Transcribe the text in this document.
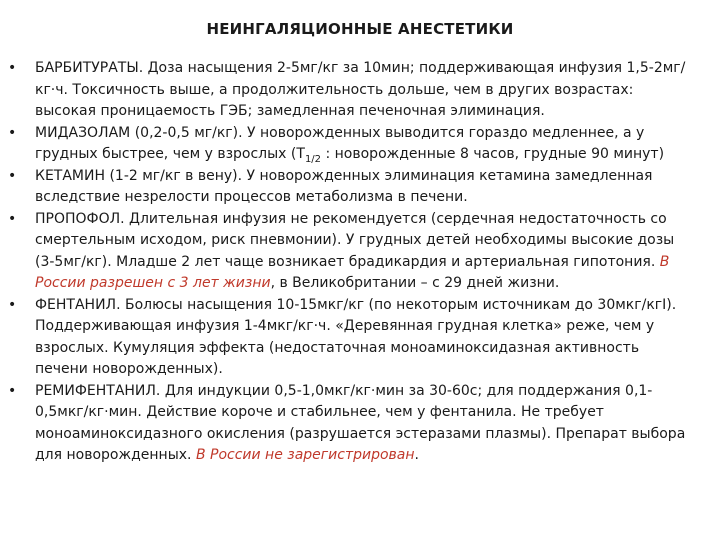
НЕИНГАЛЯЦИОННЫЕ АНЕСТЕТИКИ
• БАРБИТУРАТЫ. Доза насыщения 2-5мг/кг за 10мин; поддерживающая инфузия 1,5-2мг/кг·ч. Токсичность выше, а продолжительность дольше, чем в других возрастах: высокая проницаемость ГЭБ; замедленная печеночная элиминация.
• МИДАЗОЛАМ (0,2-0,5 мг/кг). У новорожденных выводится гораздо медленнее, а у грудных быстрее, чем у взрослых ($Т_{1/2}$ : новорожденные 8 часов, грудные 90 минут)
• КЕТАМИН (1-2 мг/кг в вену). У новорожденных элиминация кетамина замедленная вследствие незрелости процессов метаболизма в печени.
• ПРОПОФОЛ. Длительная инфузия не рекомендуется (сердечная недостаточность со смертельным исходом, риск пневмонии). У грудных детей необходимы высокие дозы (3-5мг/кг). Младше 2 лет чаще возникает брадикардия и артериальная гипотония. В России разрешен с 3 лет жизни, в Великобритании – с 29 дней жизни.
• ФЕНТАНИЛ. Болюсы насыщения 10-15мкг/кг (по некоторым источникам до 30мкг/кгI). Поддерживающая инфузия 1-4мкг/кг·ч. «Деревянная грудная клетка» реже, чем у взрослых. Кумуляция эффекта (недостаточная моноаминоксидазная активность печени новорожденных).
• РЕМИФЕНТАНИЛ. Для индукции 0,5-1,0мкг/кг·мин за 30-60с; для поддержания 0,1-0,5мкг/кг·мин. Действие короче и стабильнее, чем у фентанила. Не требует моноаминоксидазного окисления (разрушается эстеразами плазмы). Препарат выбора для новорожденных. В России не зарегистрирован.
